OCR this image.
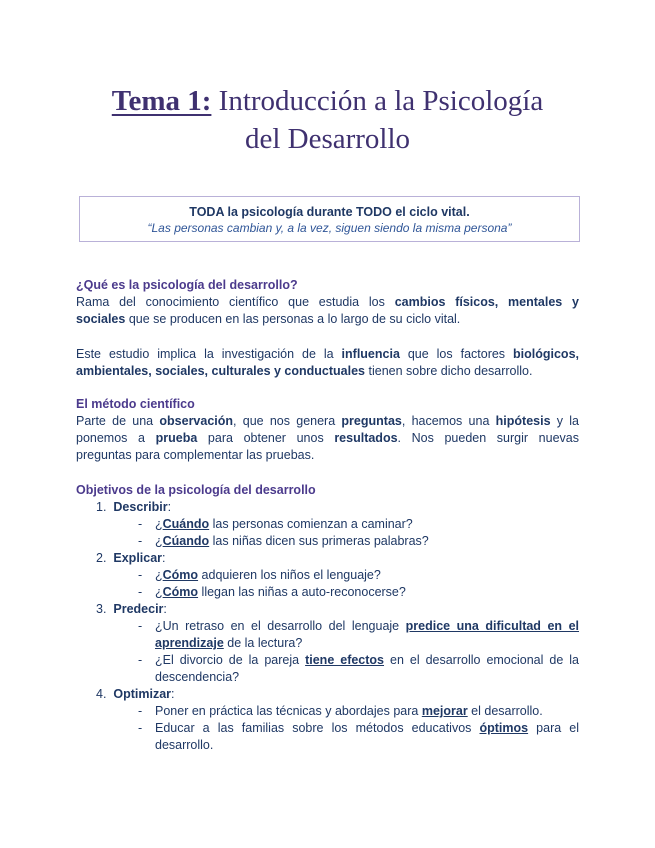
Tema 1: Introducción a la Psicología
del Desarrollo
TODA la psicología durante TODO el ciclo vital.
“Las personas cambian y, a la vez, siguen siendo la misma persona”
¿Qué es la psicología del desarrollo?
Rama del conocimiento científico que estudia los cambios físicos, mentales y
sociales que se producen en las personas a lo largo de su ciclo vital.
Este estudio implica la investigación de la influencia que los factores biológicos,
ambientales, sociales, culturales y conductuales tienen sobre dicho desarrollo.
El método científico
Parte de una observación, que nos genera preguntas, hacemos una hipótesis y la
ponemos a prueba para obtener unos resultados. Nos pueden surgir nuevas
preguntas para complementar las pruebas.
Objetivos de la psicología del desarrollo
1. Describir:
- ¿Cuándo las personas comienzan a caminar?
- ¿Cúando las niñas dicen sus primeras palabras?
2. Explicar:
- ¿Cómo adquieren los niños el lenguaje?
- ¿Cómo llegan las niñas a auto-reconocerse?
3. Predecir:
- ¿Un retraso en el desarrollo del lenguaje predice una dificultad en el
aprendizaje de la lectura?
- ¿El divorcio de la pareja tiene efectos en el desarrollo emocional de la
descendencia?
4. Optimizar:
- Poner en práctica las técnicas y abordajes para mejorar el desarrollo.
- Educar a las familias sobre los métodos educativos óptimos para el
desarrollo.
